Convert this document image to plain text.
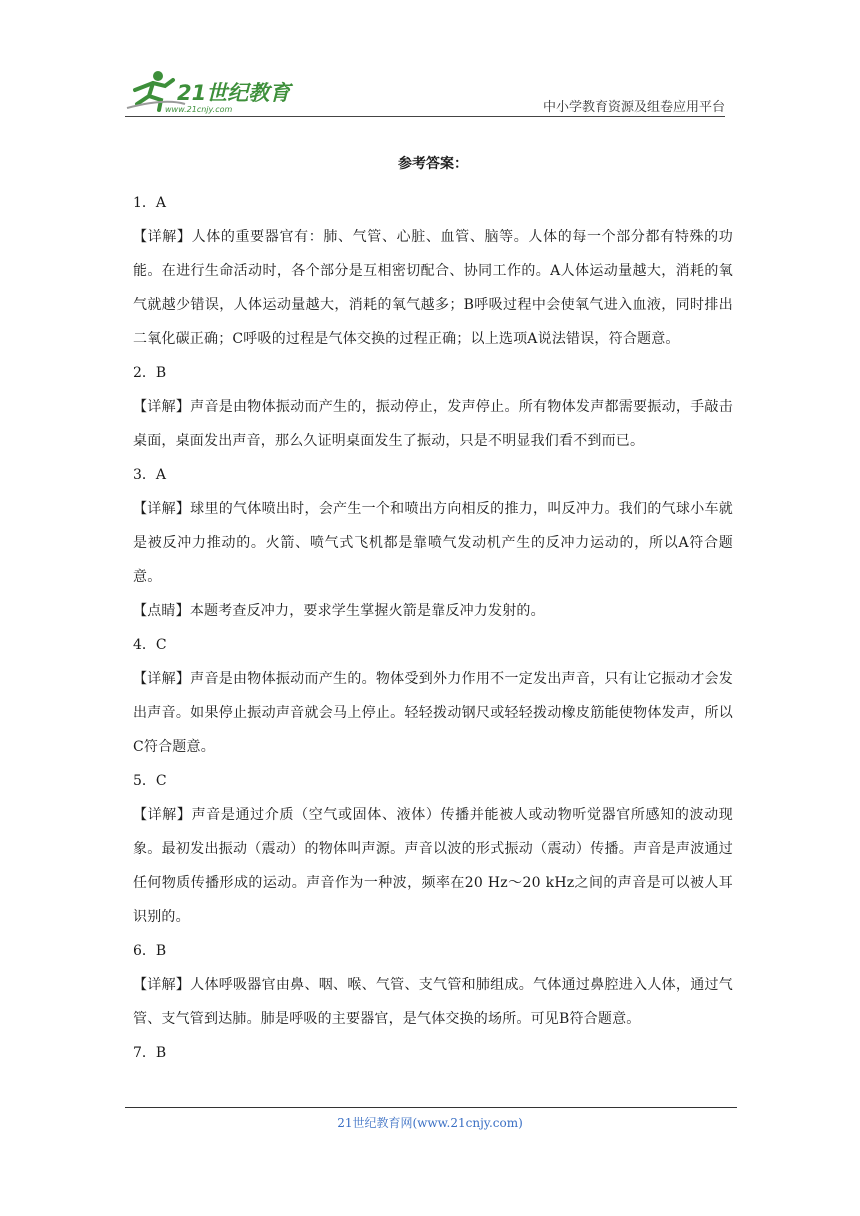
21世纪教育
www.21cnjy.com	中小学教育资源及组卷应用平台
参考答案：
1．A
【详解】人体的重要器官有：肺、气管、心脏、血管、脑等。人体的每一个部分都有特殊的功能。在进行生命活动时，各个部分是互相密切配合、协同工作的。A人体运动量越大，消耗的氧气就越少错误，人体运动量越大，消耗的氧气越多；B呼吸过程中会使氧气进入血液，同时排出二氧化碳正确；C呼吸的过程是气体交换的过程正确；以上选项A说法错误，符合题意。
2．B
【详解】声音是由物体振动而产生的，振动停止，发声停止。所有物体发声都需要振动，手敲击桌面，桌面发出声音，那么久证明桌面发生了振动，只是不明显我们看不到而已。
3．A
【详解】球里的气体喷出时，会产生一个和喷出方向相反的推力，叫反冲力。我们的气球小车就是被反冲力推动的。火箭、喷气式飞机都是靠喷气发动机产生的反冲力运动的，所以A符合题意。
【点睛】本题考查反冲力，要求学生掌握火箭是靠反冲力发射的。
4．C
【详解】声音是由物体振动而产生的。物体受到外力作用不一定发出声音，只有让它振动才会发出声音。如果停止振动声音就会马上停止。轻轻拨动钢尺或轻轻拨动橡皮筋能使物体发声，所以C符合题意。
5．C
【详解】声音是通过介质（空气或固体、液体）传播并能被人或动物听觉器官所感知的波动现象。最初发出振动（震动）的物体叫声源。声音以波的形式振动（震动）传播。声音是声波通过任何物质传播形成的运动。声音作为一种波，频率在20 Hz～20 kHz之间的声音是可以被人耳识别的。
6．B
【详解】人体呼吸器官由鼻、咽、喉、气管、支气管和肺组成。气体通过鼻腔进入人体，通过气管、支气管到达肺。肺是呼吸的主要器官，是气体交换的场所。可见B符合题意。
7．B
21世纪教育网(www.21cnjy.com)
